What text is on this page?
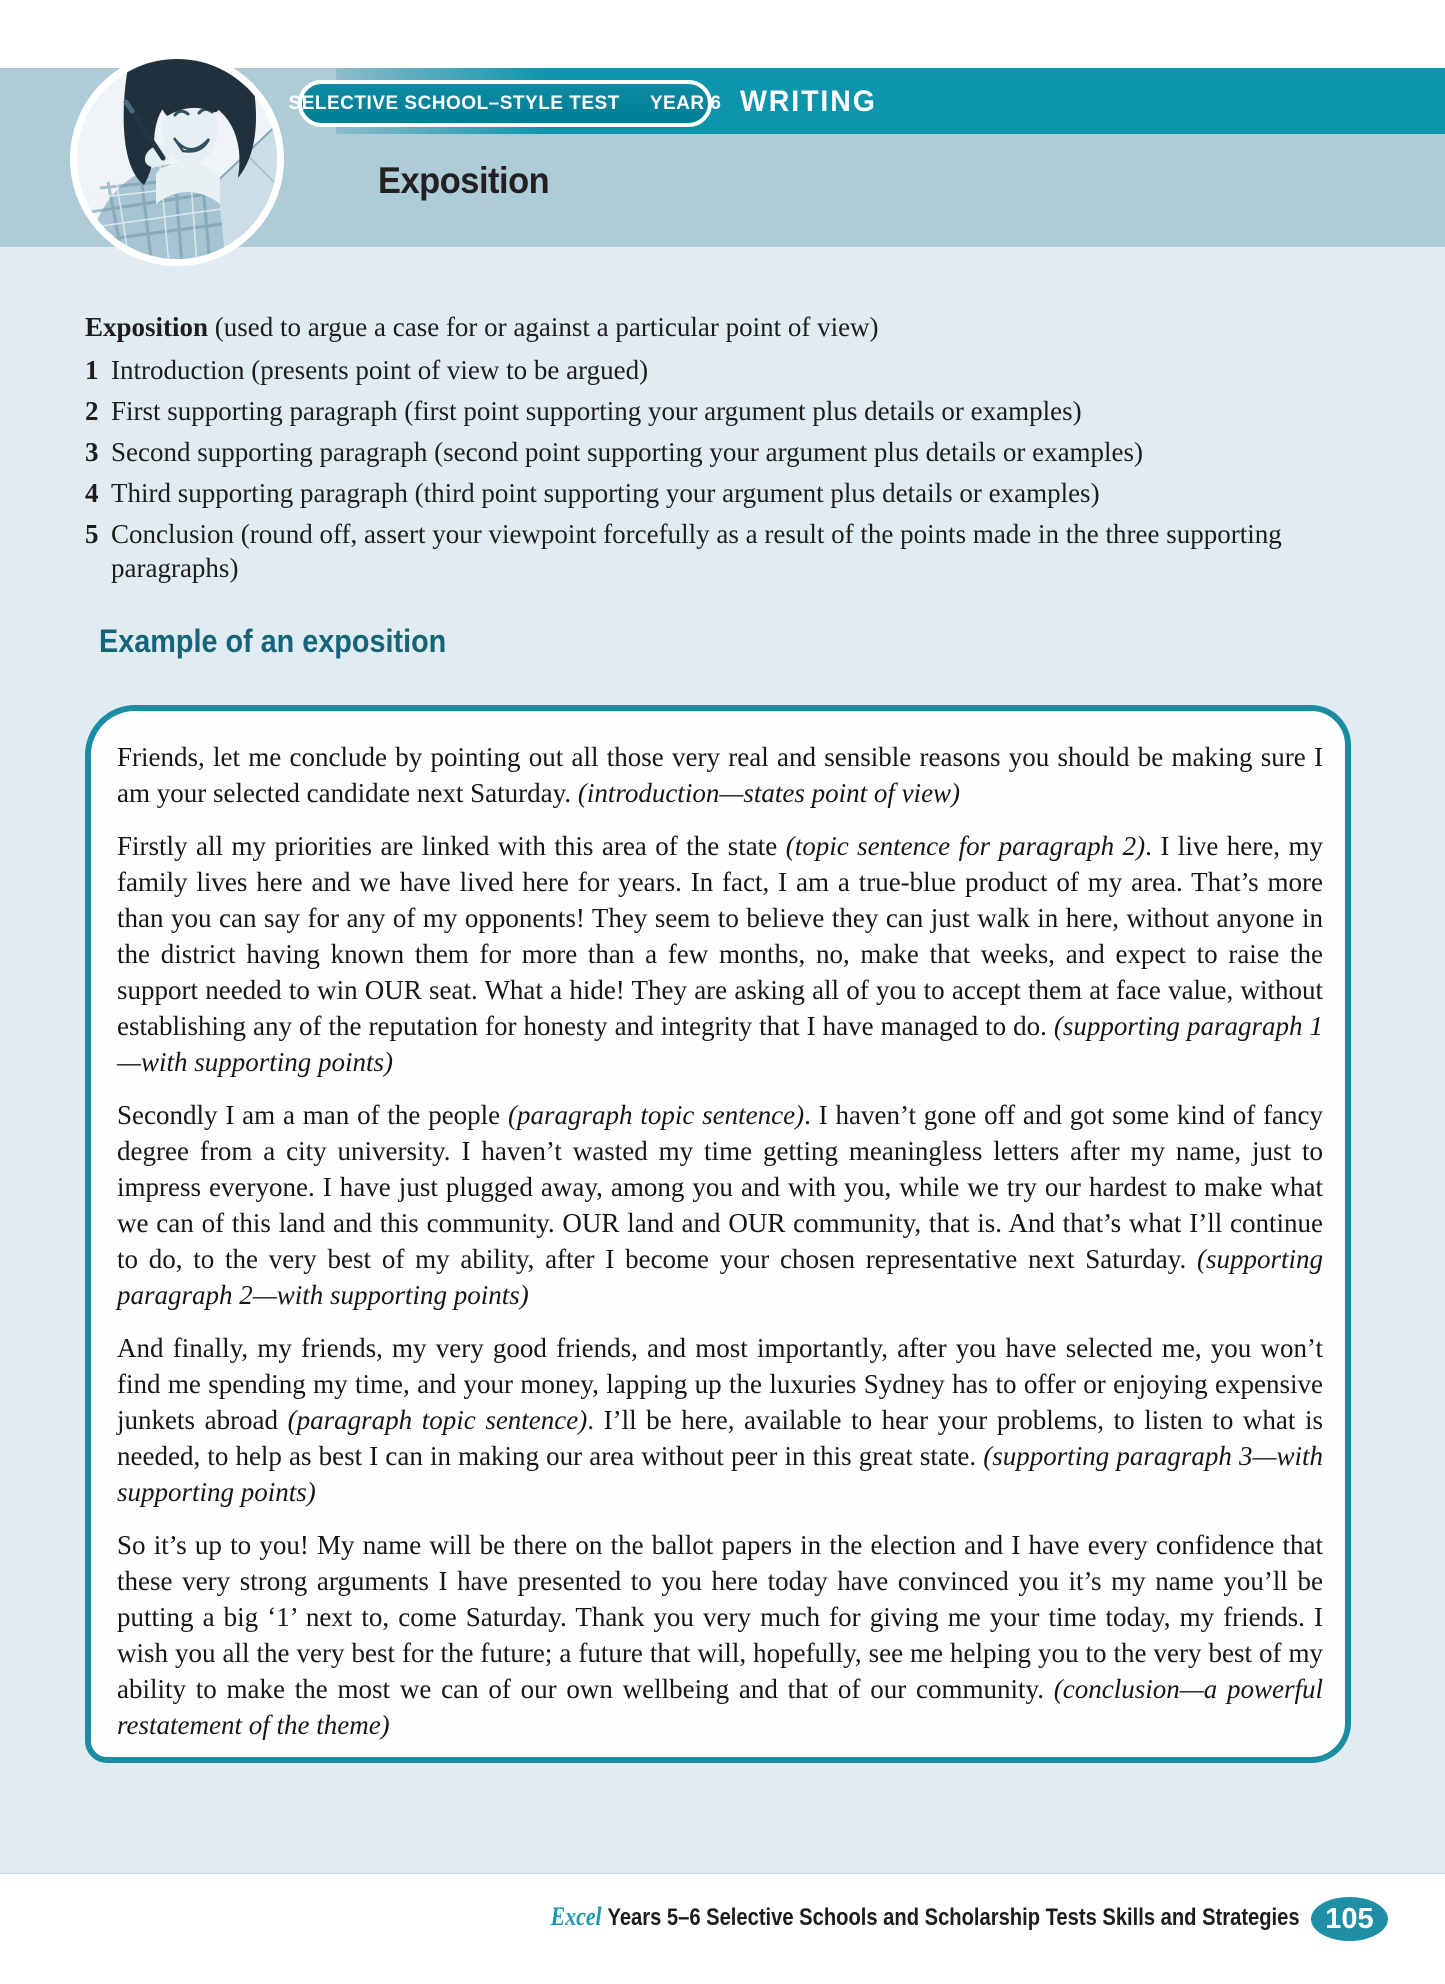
WRITING
SELECTIVE SCHOOL–STYLE TEST YEAR 6
Exposition

Exposition (used to argue a case for or against a particular point of view)

1 Introduction (presents point of view to be argued)
2 First supporting paragraph (first point supporting your argument plus details or examples)
3 Second supporting paragraph (second point supporting your argument plus details or examples)
4 Third supporting paragraph (third point supporting your argument plus details or examples)
5 Conclusion (round off, assert your viewpoint forcefully as a result of the points made in the three supporting paragraphs)
Example of an exposition

Friends, let me conclude by pointing out all those very real and sensible reasons you should be making sure I am your selected candidate next Saturday. (introduction—states point of view)

Firstly all my priorities are linked with this area of the state (topic sentence for paragraph 2). I live here, my family lives here and we have lived here for years. In fact, I am a true-blue product of my area. That’s more than you can say for any of my opponents! They seem to believe they can just walk in here, without anyone in the district having known them for more than a few months, no, make that weeks, and expect to raise the support needed to win OUR seat. What a hide! They are asking all of you to accept them at face value, without establishing any of the reputation for honesty and integrity that I have managed to do. (supporting paragraph 1—with supporting points)

Secondly I am a man of the people (paragraph topic sentence). I haven’t gone off and got some kind of fancy degree from a city university. I haven’t wasted my time getting meaningless letters after my name, just to impress everyone. I have just plugged away, among you and with you, while we try our hardest to make what we can of this land and this community. OUR land and OUR community, that is. And that’s what I’ll continue to do, to the very best of my ability, after I become your chosen representative next Saturday. (supporting paragraph 2—with supporting points)

And finally, my friends, my very good friends, and most importantly, after you have selected me, you won’t find me spending my time, and your money, lapping up the luxuries Sydney has to offer or enjoying expensive junkets abroad (paragraph topic sentence). I’ll be here, available to hear your problems, to listen to what is needed, to help as best I can in making our area without peer in this great state. (supporting paragraph 3—with supporting points)

So it’s up to you! My name will be there on the ballot papers in the election and I have every confidence that these very strong arguments I have presented to you here today have convinced you it’s my name you’ll be putting a big ‘1’ next to, come Saturday. Thank you very much for giving me your time today, my friends. I wish you all the very best for the future; a future that will, hopefully, see me helping you to the very best of my ability to make the most we can of our own wellbeing and that of our community. (conclusion—a powerful restatement of the theme)

Excel Years 5–6 Selective Schools and Scholarship Tests Skills and Strategies 105
